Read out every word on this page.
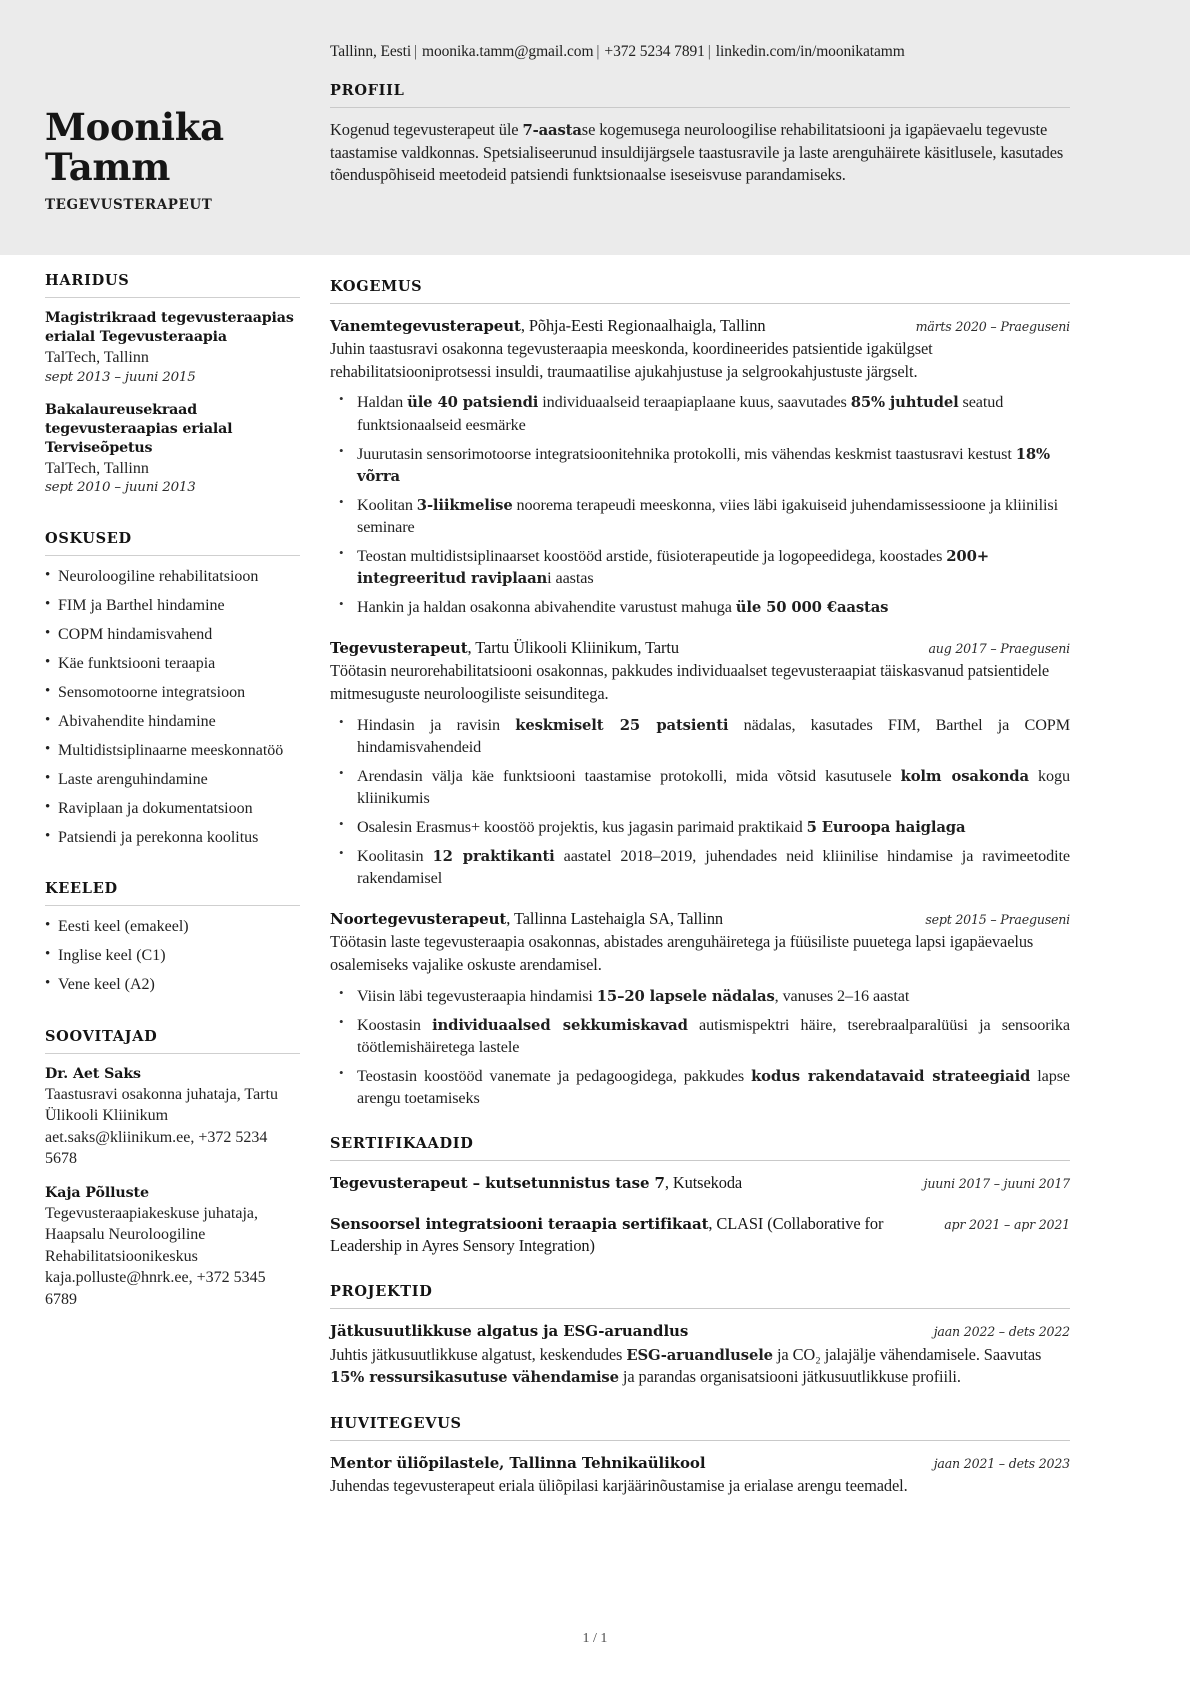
Moonika
Tamm
TEGEVUSTERAPEUT
Tallinn, Eesti | moonika.tamm@gmail.com | +372 5234 7891 | linkedin.com/in/moonikatamm
PROFIIL
Kogenud tegevusterapeut üle 7-aastase kogemusega neuroloogilise rehabilitatsiooni ja igapäevaelu tegevuste taastamise valdkonnas. Spetsialiseerunud insuldijärgsele taastusravile ja laste arenguhäirete käsitlusele, kasutades tõenduspõhiseid meetodeid patsiendi funktsionaalse iseseisvuse parandamiseks.
HARIDUS
Magistrikraad tegevusteraapias erialal Tegevusteraapia
TalTech, Tallinn
sept 2013 – juuni 2015
Bakalaureusekraad tegevusteraapias erialal Terviseõpetus
TalTech, Tallinn
sept 2010 – juuni 2013
OSKUSED
• Neuroloogiline rehabilitatsioon
• FIM ja Barthel hindamine
• COPM hindamisvahend
• Käe funktsiooni teraapia
• Sensomotoorne integratsioon
• Abivahendite hindamine
• Multidistsiplinaarne meeskonnatöö
• Laste arenguhindamine
• Raviplaan ja dokumentatsioon
• Patsiendi ja perekonna koolitus
KEELED
• Eesti keel (emakeel)
• Inglise keel (C1)
• Vene keel (A2)
SOOVITAJAD
Dr. Aet Saks
Taastusravi osakonna juhataja, Tartu Ülikooli Kliinikum
aet.saks@kliinikum.ee, +372 5234 5678
Kaja Põlluste
Tegevusteraapiakeskuse juhataja, Haapsalu Neuroloogiline Rehabilitatsioonikeskus
kaja.polluste@hnrk.ee, +372 5345 6789
KOGEMUS
Vanemtegevusterapeut, Põhja-Eesti Regionaalhaigla, Tallinn	märts 2020 – Praeguseni
Juhin taastusravi osakonna tegevusteraapia meeskonda, koordineerides patsientide igakülgset rehabilitatsiooniprotsessi insuldi, traumaatilise ajukahjustuse ja selgrookahjustuste järgselt.
• Haldan üle 40 patsiendi individuaalseid teraapiaplaane kuus, saavutades 85% juhtudel seatud funktsionaalseid eesmärke
• Juurutasin sensorimotoorse integratsioonitehnika protokolli, mis vähendas keskmist taastusravi kestust 18% võrra
• Koolitan 3-liikmelise noorema terapeudi meeskonna, viies läbi igakuiseid juhendamissessioone ja kliinilisi seminare
• Teostan multidistsiplinaarset koostööd arstide, füsioterapeutide ja logopeedidega, koostades 200+ integreeritud raviplaani aastas
• Hankin ja haldan osakonna abivahendite varustust mahuga üle 50 000 €aastas
Tegevusterapeut, Tartu Ülikooli Kliinikum, Tartu	aug 2017 – Praeguseni
Töötasin neurorehabilitatsiooni osakonnas, pakkudes individuaalset tegevusteraapiat täiskasvanud patsientidele mitmesuguste neuroloogiliste seisunditega.
• Hindasin ja ravisin keskmiselt 25 patsienti nädalas, kasutades FIM, Barthel ja COPM hindamisvahendeid
• Arendasin välja käe funktsiooni taastamise protokolli, mida võtsid kasutusele kolm osakonda kogu kliinikumis
• Osalesin Erasmus+ koostöö projektis, kus jagasin parimaid praktikaid 5 Euroopa haiglaga
• Koolitasin 12 praktikanti aastatel 2018–2019, juhendades neid kliinilise hindamise ja ravimeetodite rakendamisel
Noortegevusterapeut, Tallinna Lastehaigla SA, Tallinn	sept 2015 – Praeguseni
Töötasin laste tegevusteraapia osakonnas, abistades arenguhäiretega ja füüsiliste puuetega lapsi igapäevaelus osalemiseks vajalike oskuste arendamisel.
• Viisin läbi tegevusteraapia hindamisi 15–20 lapsele nädalas, vanuses 2–16 aastat
• Koostasin individuaalsed sekkumiskavad autismispektri häire, tserebraalparalüüsi ja sensoorika töötlemishäiretega lastele
• Teostasin koostööd vanemate ja pedagoogidega, pakkudes kodus rakendatavaid strateegiaid lapse arengu toetamiseks
SERTIFIKAADID
Tegevusterapeut – kutsetunnistus tase 7, Kutsekoda	juuni 2017 – juuni 2017
Sensoorsel integratsiooni teraapia sertifikaat, CLASI (Collaborative for Leadership in Ayres Sensory Integration)
apr 2021 – apr 2021
PROJEKTID
Jätkusuutlikkuse algatus ja ESG-aruandlus	jaan 2022 – dets 2022
Juhtis jätkusuutlikkuse algatust, keskendudes ESG-aruandlusele ja CO₂ jalajälje vähendamisele. Saavutas 15% ressursikasutuse vähendamise ja parandas organisatsiooni jätkusuutlikkuse profiili.
HUVITEGEVUS
Mentor üliõpilastele, Tallinna Tehnikaülikool	jaan 2021 – dets 2023
Juhendas tegevusterapeut eriala üliõpilasi karjäärinõustamise ja erialase arengu teemadel.
1 / 1
